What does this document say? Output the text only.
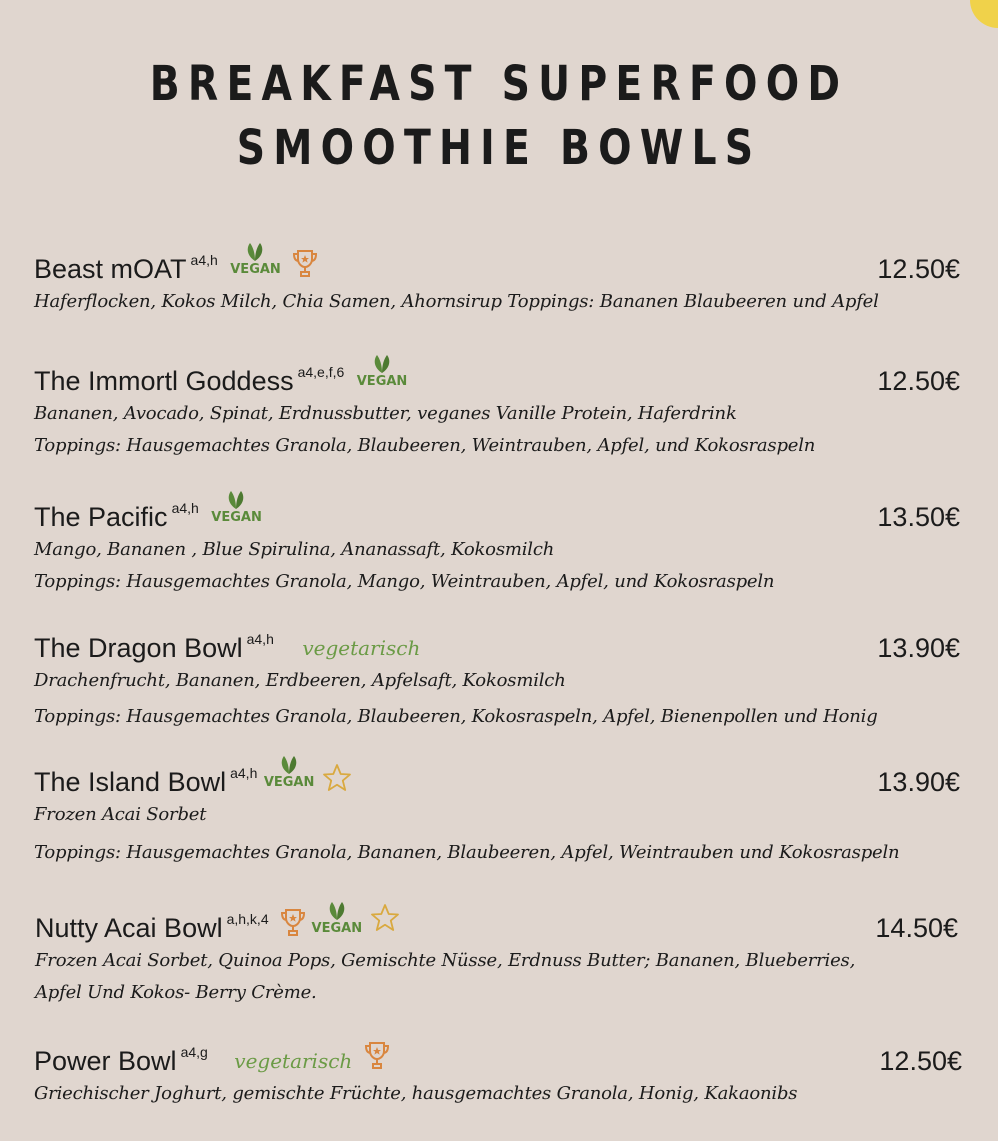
BREAKFAST SUPERFOOD
SMOOTHIE BOWLS
Beast mOAT a4,h
VEGAN
	12.50€
Haferflocken, Kokos Milch, Chia Samen, Ahornsirup Toppings: Bananen Blaubeeren und Apfel
The Immortl Goddess a4,e,f,6
VEGAN	12.50€
Bananen, Avocado, Spinat, Erdnussbutter, veganes Vanille Protein, Haferdrink
Toppings: Hausgemachtes Granola, Blaubeeren, Weintrauben, Apfel, und Kokosraspeln
The Pacific a4,h
VEGAN	13.50€
Mango, Bananen , Blue Spirulina, Ananassaft, Kokosmilch
Toppings: Hausgemachtes Granola, Mango, Weintrauben, Apfel, und Kokosraspeln
The Dragon Bowl a4,h vegetarisch	13.90€
Drachenfrucht, Bananen, Erdbeeren, Apfelsaft, Kokosmilch
Toppings: Hausgemachtes Granola, Blaubeeren, Kokosraspeln, Apfel, Bienenpollen und Honig
The Island Bowl a4,h
VEGAN
	13.90€
Frozen Acai Sorbet
Toppings: Hausgemachtes Granola, Bananen, Blaubeeren, Apfel, Weintrauben und Kokosraspeln
Nutty Acai Bowl a,h,k,4
VEGAN
	14.50€
Frozen Acai Sorbet, Quinoa Pops, Gemischte Nüsse, Erdnuss Butter; Bananen, Blueberries,
Apfel Und Kokos- Berry Crème.
Power Bowl a4,g vegetarisch	12.50€
Griechischer Joghurt, gemischte Früchte, hausgemachtes Granola, Honig, Kakaonibs
